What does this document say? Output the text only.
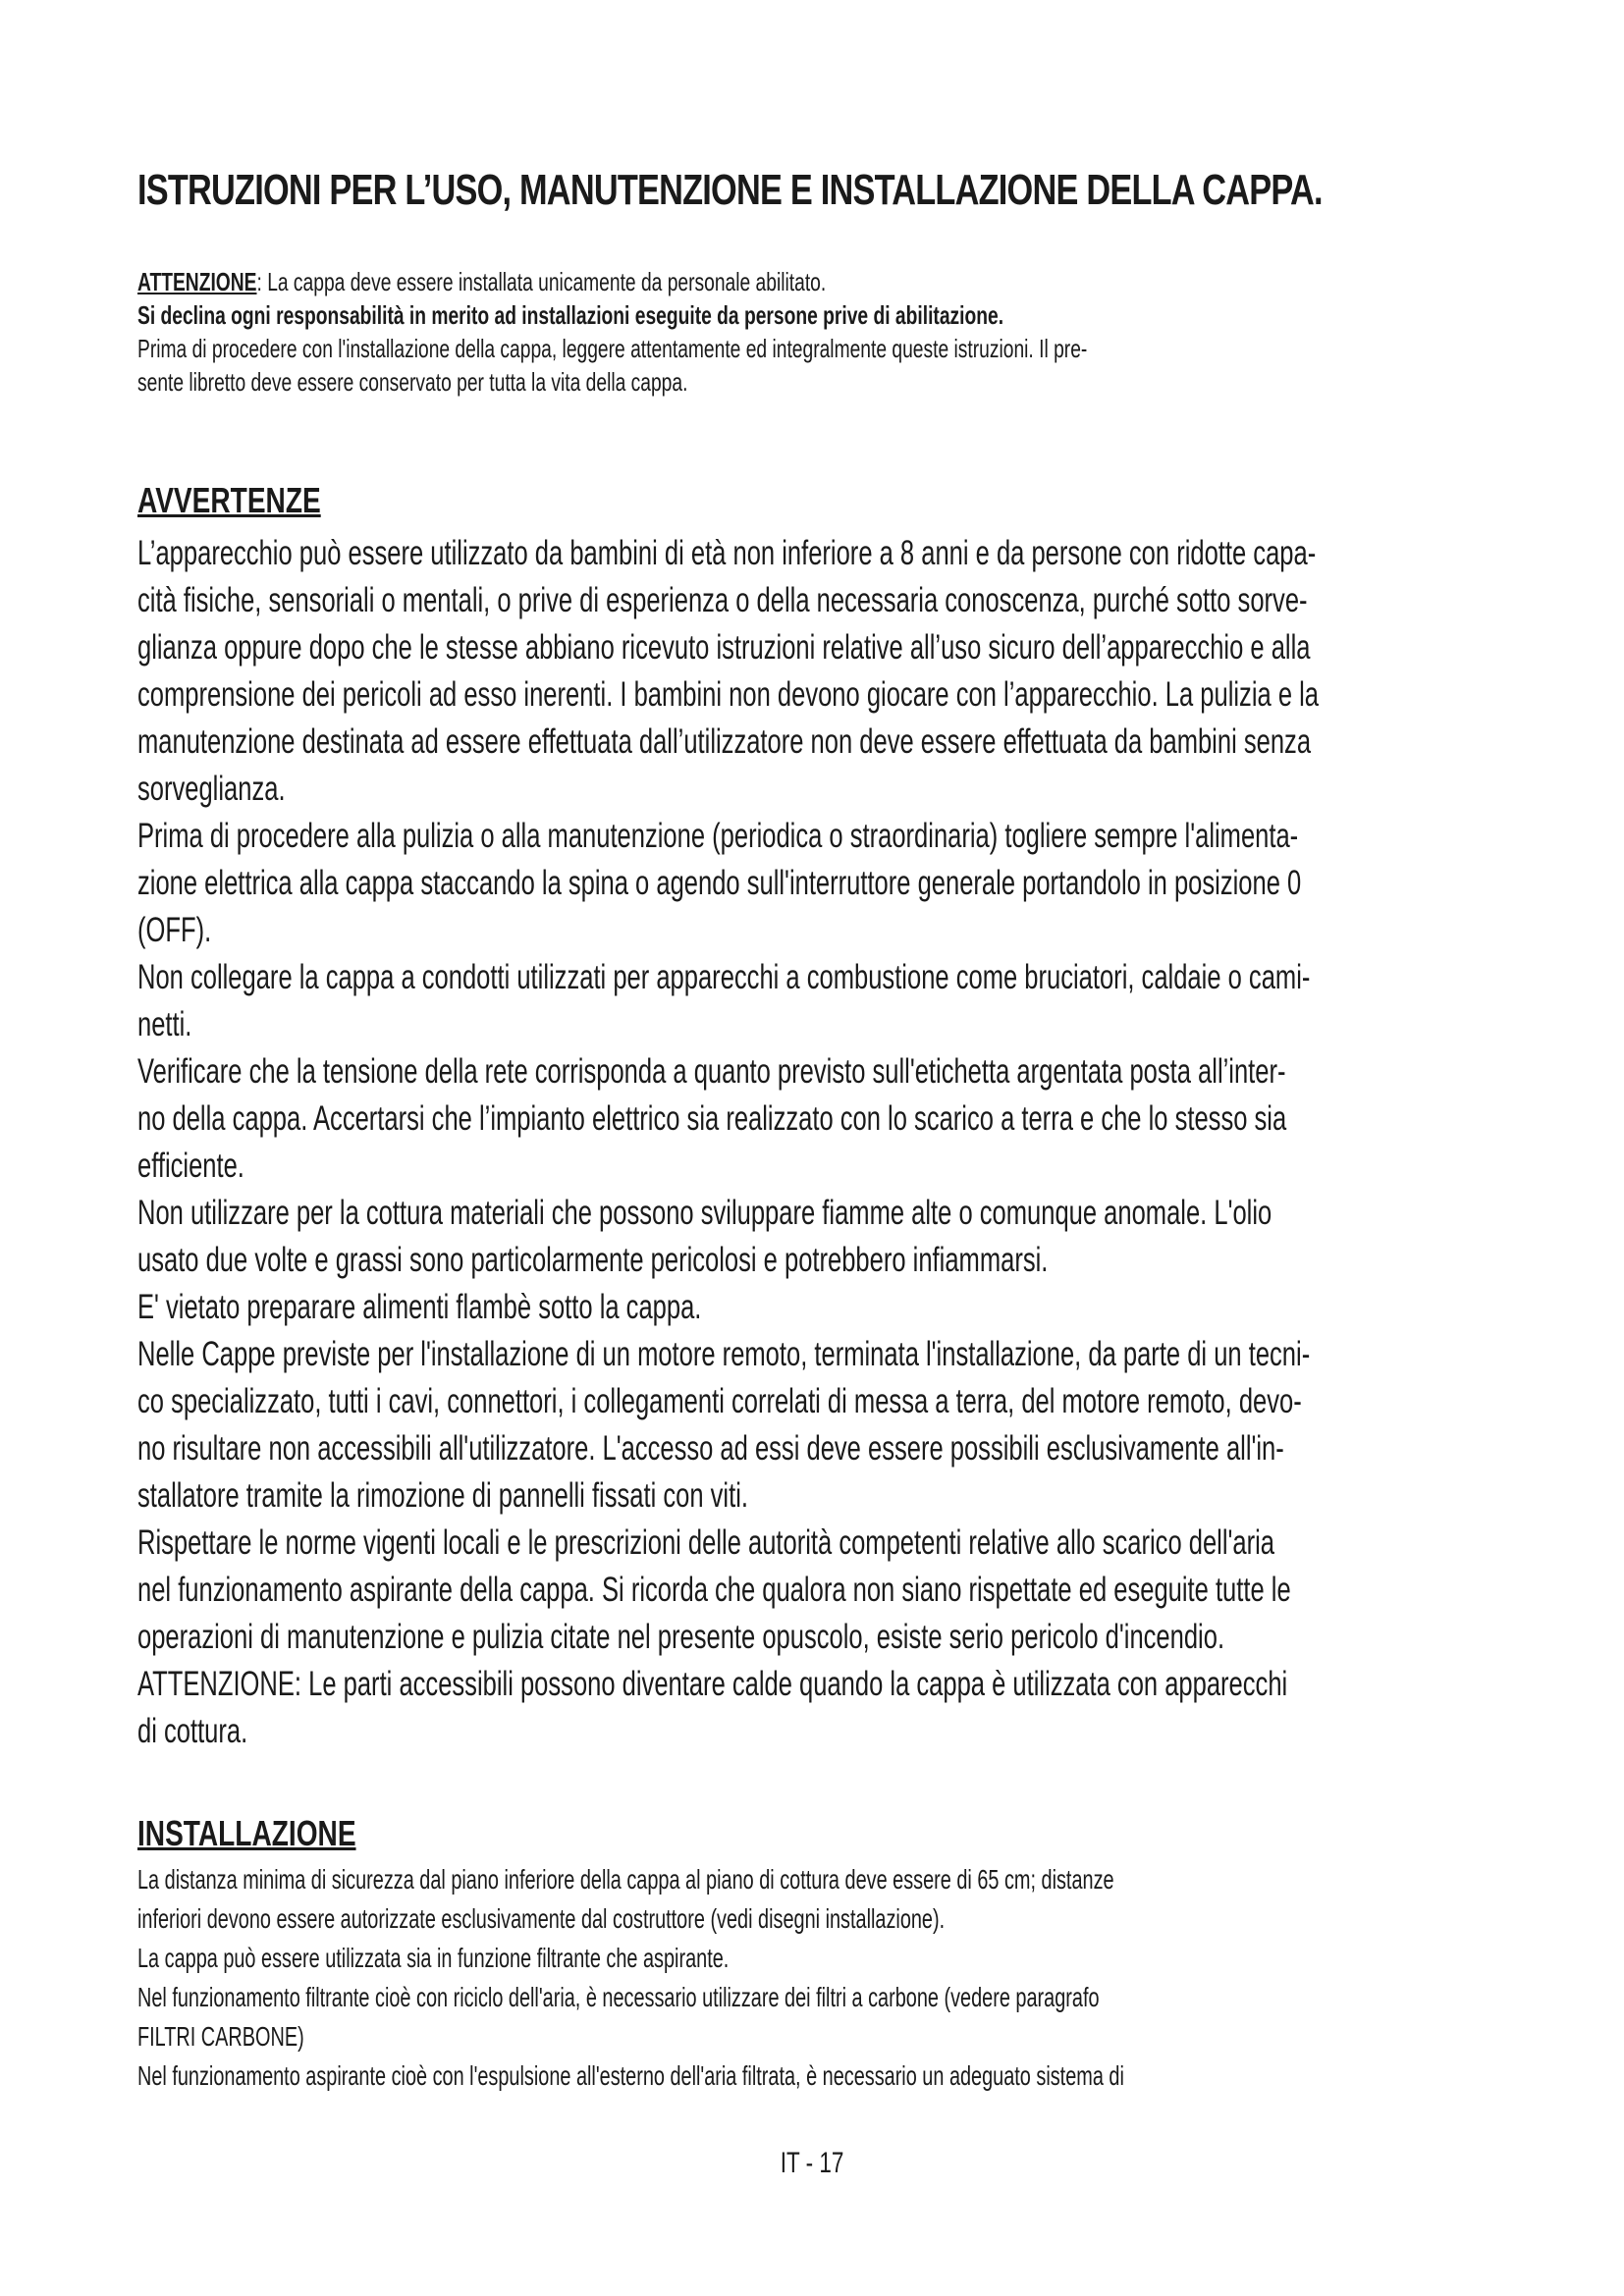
ISTRUZIONI PER L’USO, MANUTENZIONE E INSTALLAZIONE DELLA CAPPA.

ATTENZIONE: La cappa deve essere installata unicamente da personale abilitato.

Si declina ogni responsabilità in merito ad installazioni eseguite da persone prive di abilitazione.

Prima di procedere con l'installazione della cappa, leggere attentamente ed integralmente queste istruzioni. Il pre-

sente libretto deve essere conservato per tutta la vita della cappa.

AVVERTENZE

L’apparecchio può essere utilizzato da bambini di età non inferiore a 8 anni e da persone con ridotte capa-

cità fisiche, sensoriali o mentali, o prive di esperienza o della necessaria conoscenza, purché sotto sorve-

glianza oppure dopo che le stesse abbiano ricevuto istruzioni relative all’uso sicuro dell’apparecchio e alla

comprensione dei pericoli ad esso inerenti. I bambini non devono giocare con l’apparecchio. La pulizia e la

manutenzione destinata ad essere effettuata dall’utilizzatore non deve essere effettuata da bambini senza

sorveglianza.

Prima di procedere alla pulizia o alla manutenzione (periodica o straordinaria) togliere sempre l'alimenta-

zione elettrica alla cappa staccando la spina o agendo sull'interruttore generale portandolo in posizione 0

(OFF).

Non collegare la cappa a condotti utilizzati per apparecchi a combustione come bruciatori, caldaie o cami-

netti.

Verificare che la tensione della rete corrisponda a quanto previsto sull'etichetta argentata posta all’inter-

no della cappa. Accertarsi che l’impianto elettrico sia realizzato con lo scarico a terra e che lo stesso sia

efficiente.

Non utilizzare per la cottura materiali che possono sviluppare fiamme alte o comunque anomale. L'olio

usato due volte e grassi sono particolarmente pericolosi e potrebbero infiammarsi.

E' vietato preparare alimenti flambè sotto la cappa.

Nelle Cappe previste per l'installazione di un motore remoto, terminata l'installazione, da parte di un tecni-

co specializzato, tutti i cavi, connettori, i collegamenti correlati di messa a terra, del motore remoto, devo-

no risultare non accessibili all'utilizzatore. L'accesso ad essi deve essere possibili esclusivamente all'in-

stallatore tramite la rimozione di pannelli fissati con viti.

Rispettare le norme vigenti locali e le prescrizioni delle autorità competenti relative allo scarico dell'aria

nel funzionamento aspirante della cappa. Si ricorda che qualora non siano rispettate ed eseguite tutte le

operazioni di manutenzione e pulizia citate nel presente opuscolo, esiste serio pericolo d'incendio.

ATTENZIONE: Le parti accessibili possono diventare calde quando la cappa è utilizzata con apparecchi

di cottura.

INSTALLAZIONE

La distanza minima di sicurezza dal piano inferiore della cappa al piano di cottura deve essere di 65 cm; distanze

inferiori devono essere autorizzate esclusivamente dal costruttore (vedi disegni installazione).

La cappa può essere utilizzata sia in funzione filtrante che aspirante.

Nel funzionamento filtrante cioè con riciclo dell'aria, è necessario utilizzare dei filtri a carbone (vedere paragrafo

FILTRI CARBONE)

Nel funzionamento aspirante cioè con l'espulsione all'esterno dell'aria filtrata, è necessario un adeguato sistema di

IT - 17
